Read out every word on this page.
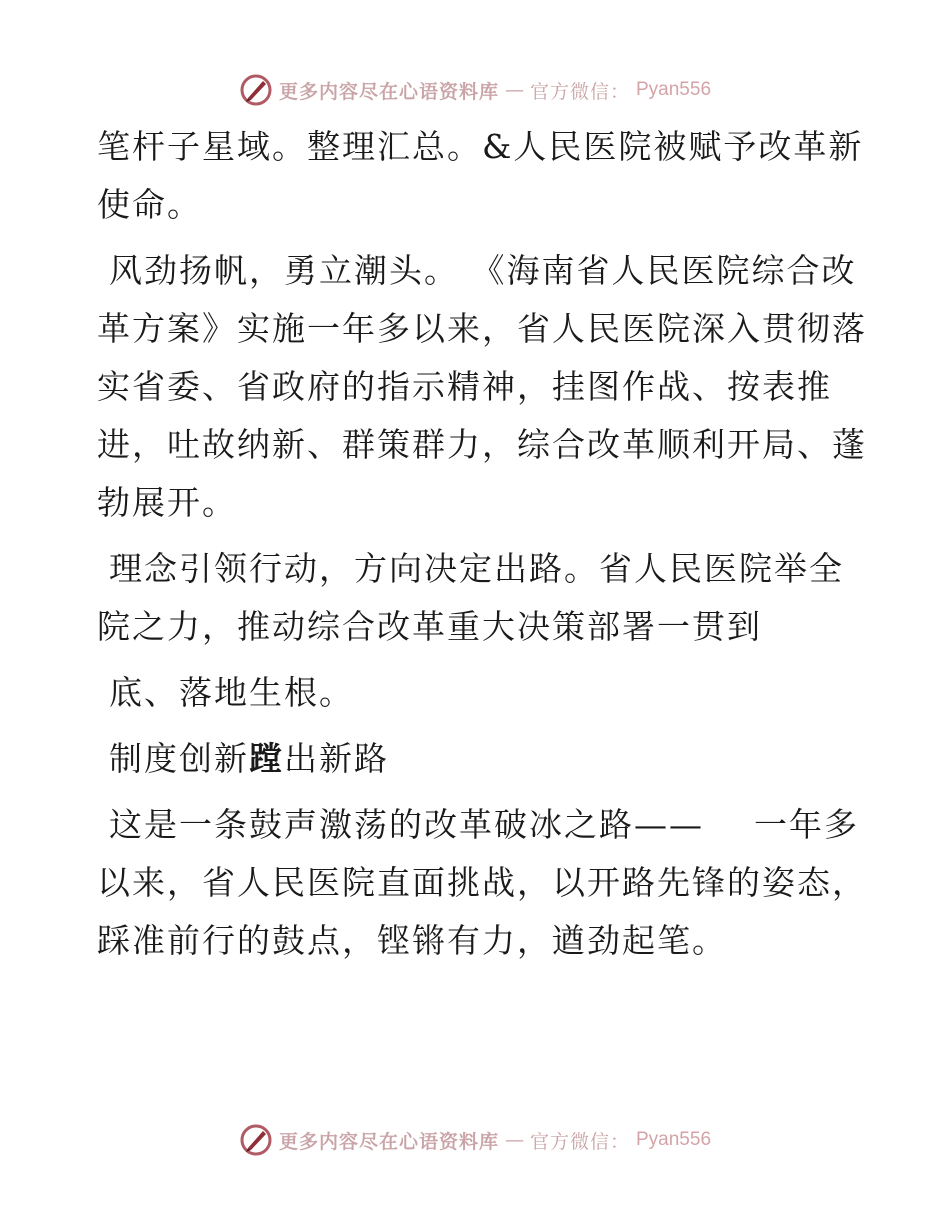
更多内容尽在心语资料库 — 官方微信： Pyan556

笔杆子星域。整理汇总。&人民医院被赋予改革新

使命。

风劲扬帆，勇立潮头。 《海南省人民医院综合改

革方案》实施一年多以来，省人民医院深入贯彻落

实省委、省政府的指示精神，挂图作战、按表推

进，吐故纳新、群策群力，综合改革顺利开局、蓬

勃展开。

理念引领行动，方向决定出路。省人民医院举全

院之力，推动综合改革重大决策部署一贯到

底、落地生根。

制度创新蹚出新路

这是一条鼓声激荡的改革破冰之路——    一年多

以来，省人民医院直面挑战，以开路先锋的姿态，

踩准前行的鼓点，铿锵有力，遒劲起笔。

更多内容尽在心语资料库 — 官方微信： Pyan556
